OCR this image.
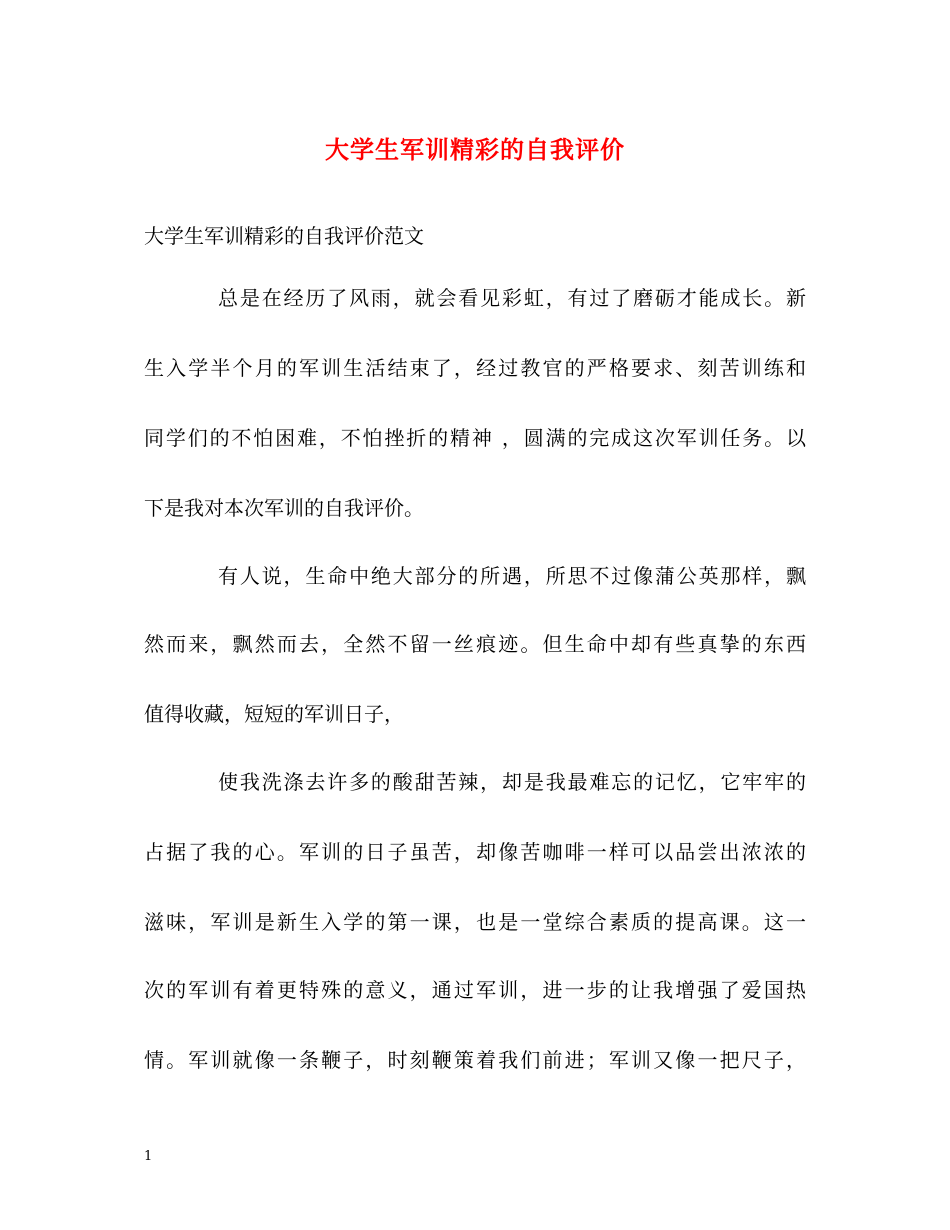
大学生军训精彩的自我评价
大学生军训精彩的自我评价范文
总是在经历了风雨，就会看见彩虹，有过了磨砺才能成长。新
生入学半个月的军训生活结束了，经过教官的严格要求、刻苦训练和
同学们的不怕困难，不怕挫折的精神 ，圆满的完成这次军训任务。以
下是我对本次军训的自我评价。
有人说，生命中绝大部分的所遇，所思不过像蒲公英那样，飘
然而来，飘然而去，全然不留一丝痕迹。但生命中却有些真挚的东西
值得收藏，短短的军训日子，
使我洗涤去许多的酸甜苦辣，却是我最难忘的记忆，它牢牢的
占据了我的心。军训的日子虽苦，却像苦咖啡一样可以品尝出浓浓的
滋味，军训是新生入学的第一课，也是一堂综合素质的提高课。这一
次的军训有着更特殊的意义，通过军训，进一步的让我增强了爱国热
情。军训就像一条鞭子，时刻鞭策着我们前进；军训又像一把尺子，
1
